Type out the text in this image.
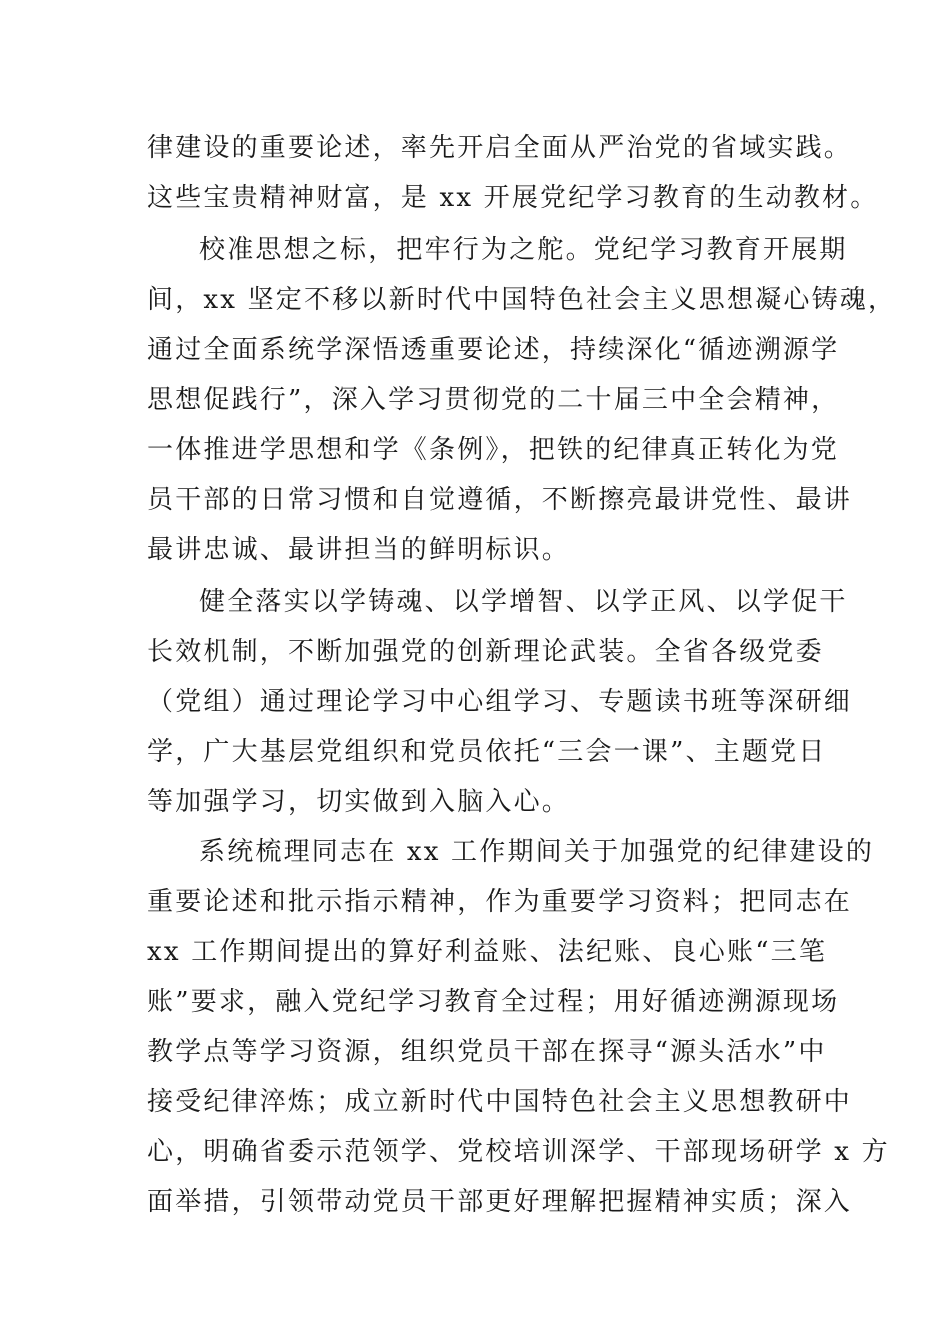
律建设的重要论述，率先开启全面从严治党的省域实践。
这些宝贵精神财富，是 xx 开展党纪学习教育的生动教材。
校准思想之标，把牢行为之舵。党纪学习教育开展期
间，xx 坚定不移以新时代中国特色社会主义思想凝心铸魂，
通过全面系统学深悟透重要论述，持续深化“循迹溯源学
思想促践行”，深入学习贯彻党的二十届三中全会精神，
一体推进学思想和学《条例》，把铁的纪律真正转化为党
员干部的日常习惯和自觉遵循，不断擦亮最讲党性、最讲
最讲忠诚、最讲担当的鲜明标识。
健全落实以学铸魂、以学增智、以学正风、以学促干
长效机制，不断加强党的创新理论武装。全省各级党委
（党组）通过理论学习中心组学习、专题读书班等深研细
学，广大基层党组织和党员依托“三会一课”、主题党日
等加强学习，切实做到入脑入心。
系统梳理同志在 xx 工作期间关于加强党的纪律建设的
重要论述和批示指示精神，作为重要学习资料；把同志在
xx 工作期间提出的算好利益账、法纪账、良心账“三笔
账”要求，融入党纪学习教育全过程；用好循迹溯源现场
教学点等学习资源，组织党员干部在探寻“源头活水”中
接受纪律淬炼；成立新时代中国特色社会主义思想教研中
心，明确省委示范领学、党校培训深学、干部现场研学 x 方
面举措，引领带动党员干部更好理解把握精神实质；深入
